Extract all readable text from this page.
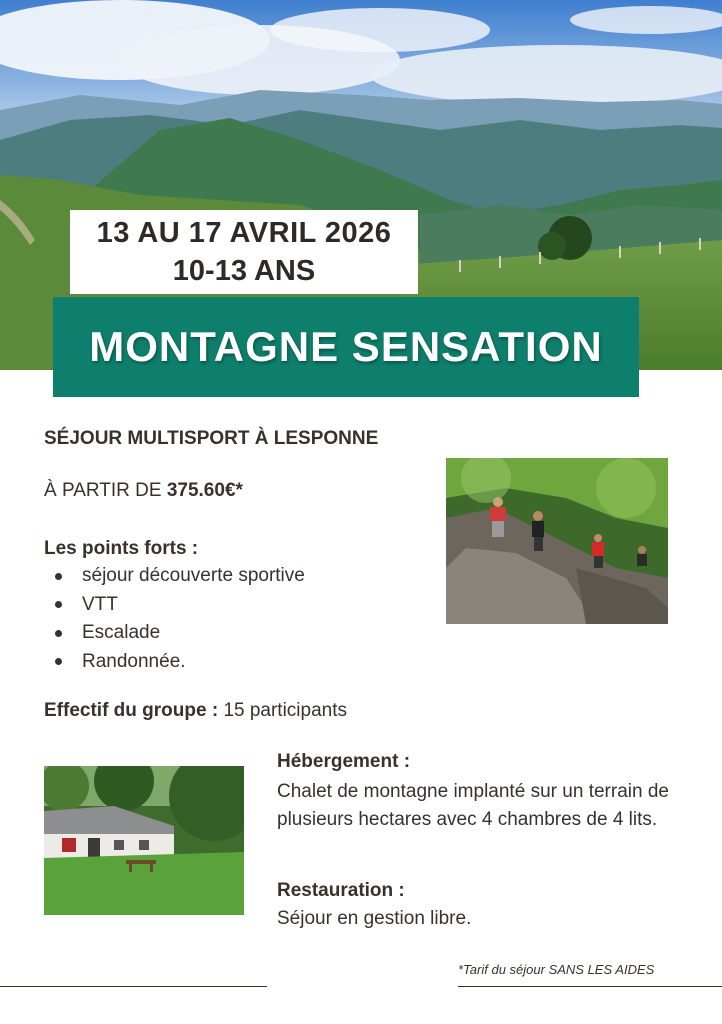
13 AU 17 AVRIL 2026
10-13 ANS
MONTAGNE SENSATION
SÉJOUR MULTISPORT À LESPONNE
À PARTIR DE 375.60€*
Les points forts :
séjour découverte sportive
VTT
Escalade
Randonnée.
Effectif du groupe : 15 participants
Hébergement :
Chalet de montagne implanté sur un terrain de plusieurs hectares avec 4 chambres de 4 lits.
Restauration :
Séjour en gestion libre.
*Tarif du séjour SANS LES AIDES
